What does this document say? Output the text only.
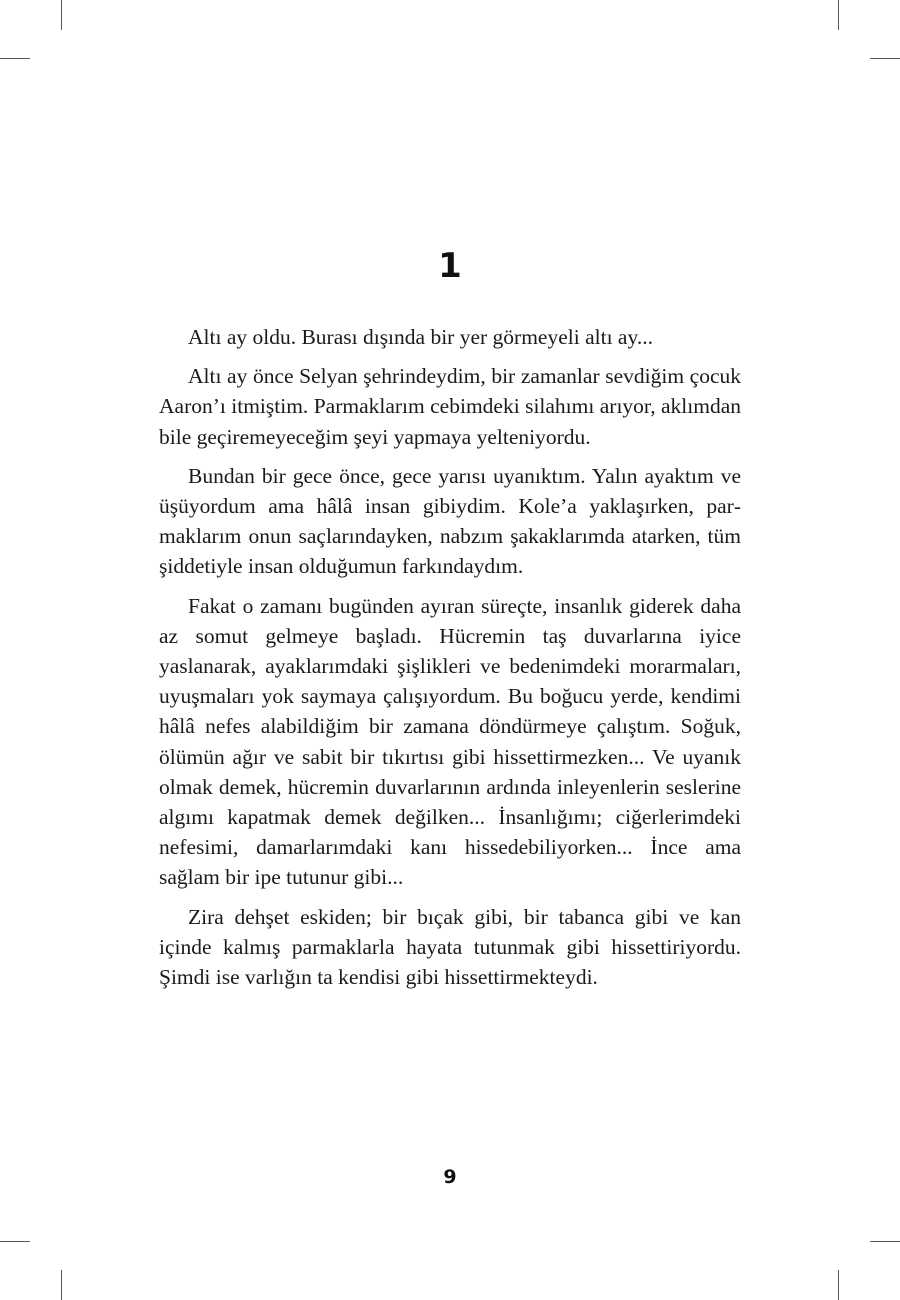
1

Altı ay oldu. Burası dışında bir yer görmeyeli altı ay...

Altı ay önce Selyan şehrindeydim, bir zamanlar sevdiğim çocuk Aaron’ı itmiştim. Parmaklarım cebimdeki silahımı arıyor, aklımdan bile geçiremeyeceğim şeyi yapmaya yelteniyordu.

Bundan bir gece önce, gece yarısı uyanıktım. Yalın ayaktım ve üşüyordum ama hâlâ insan gibiydim. Kole’a yaklaşırken, parmaklarım onun saçlarındayken, nabzım şakaklarımda atarken, tüm şiddetiyle insan olduğumun farkındaydım.

Fakat o zamanı bugünden ayıran süreçte, insanlık giderek daha az somut gelmeye başladı. Hücremin taş duvarlarına iyice yaslanarak, ayaklarımdaki şişlikleri ve bedenimdeki morarmaları, uyuşmaları yok saymaya çalışıyordum. Bu boğucu yerde, kendimi hâlâ nefes alabildiğim bir zamana döndürmeye çalıştım. Soğuk, ölümün ağır ve sabit bir tıkırtısı gibi hissettirmezken... Ve uyanık olmak demek, hücremin duvarlarının ardında inleyenlerin seslerine algımı kapatmak demek değilken... İnsanlığımı; ciğerlerimdeki nefesimi, damarlarımdaki kanı hissedebiliyorken... İnce ama sağlam bir ipe tutunur gibi...

Zira dehşet eskiden; bir bıçak gibi, bir tabanca gibi ve kan içinde kalmış parmaklarla hayata tutunmak gibi hissettiriyordu. Şimdi ise varlığın ta kendisi gibi hissettirmekteydi.

9
